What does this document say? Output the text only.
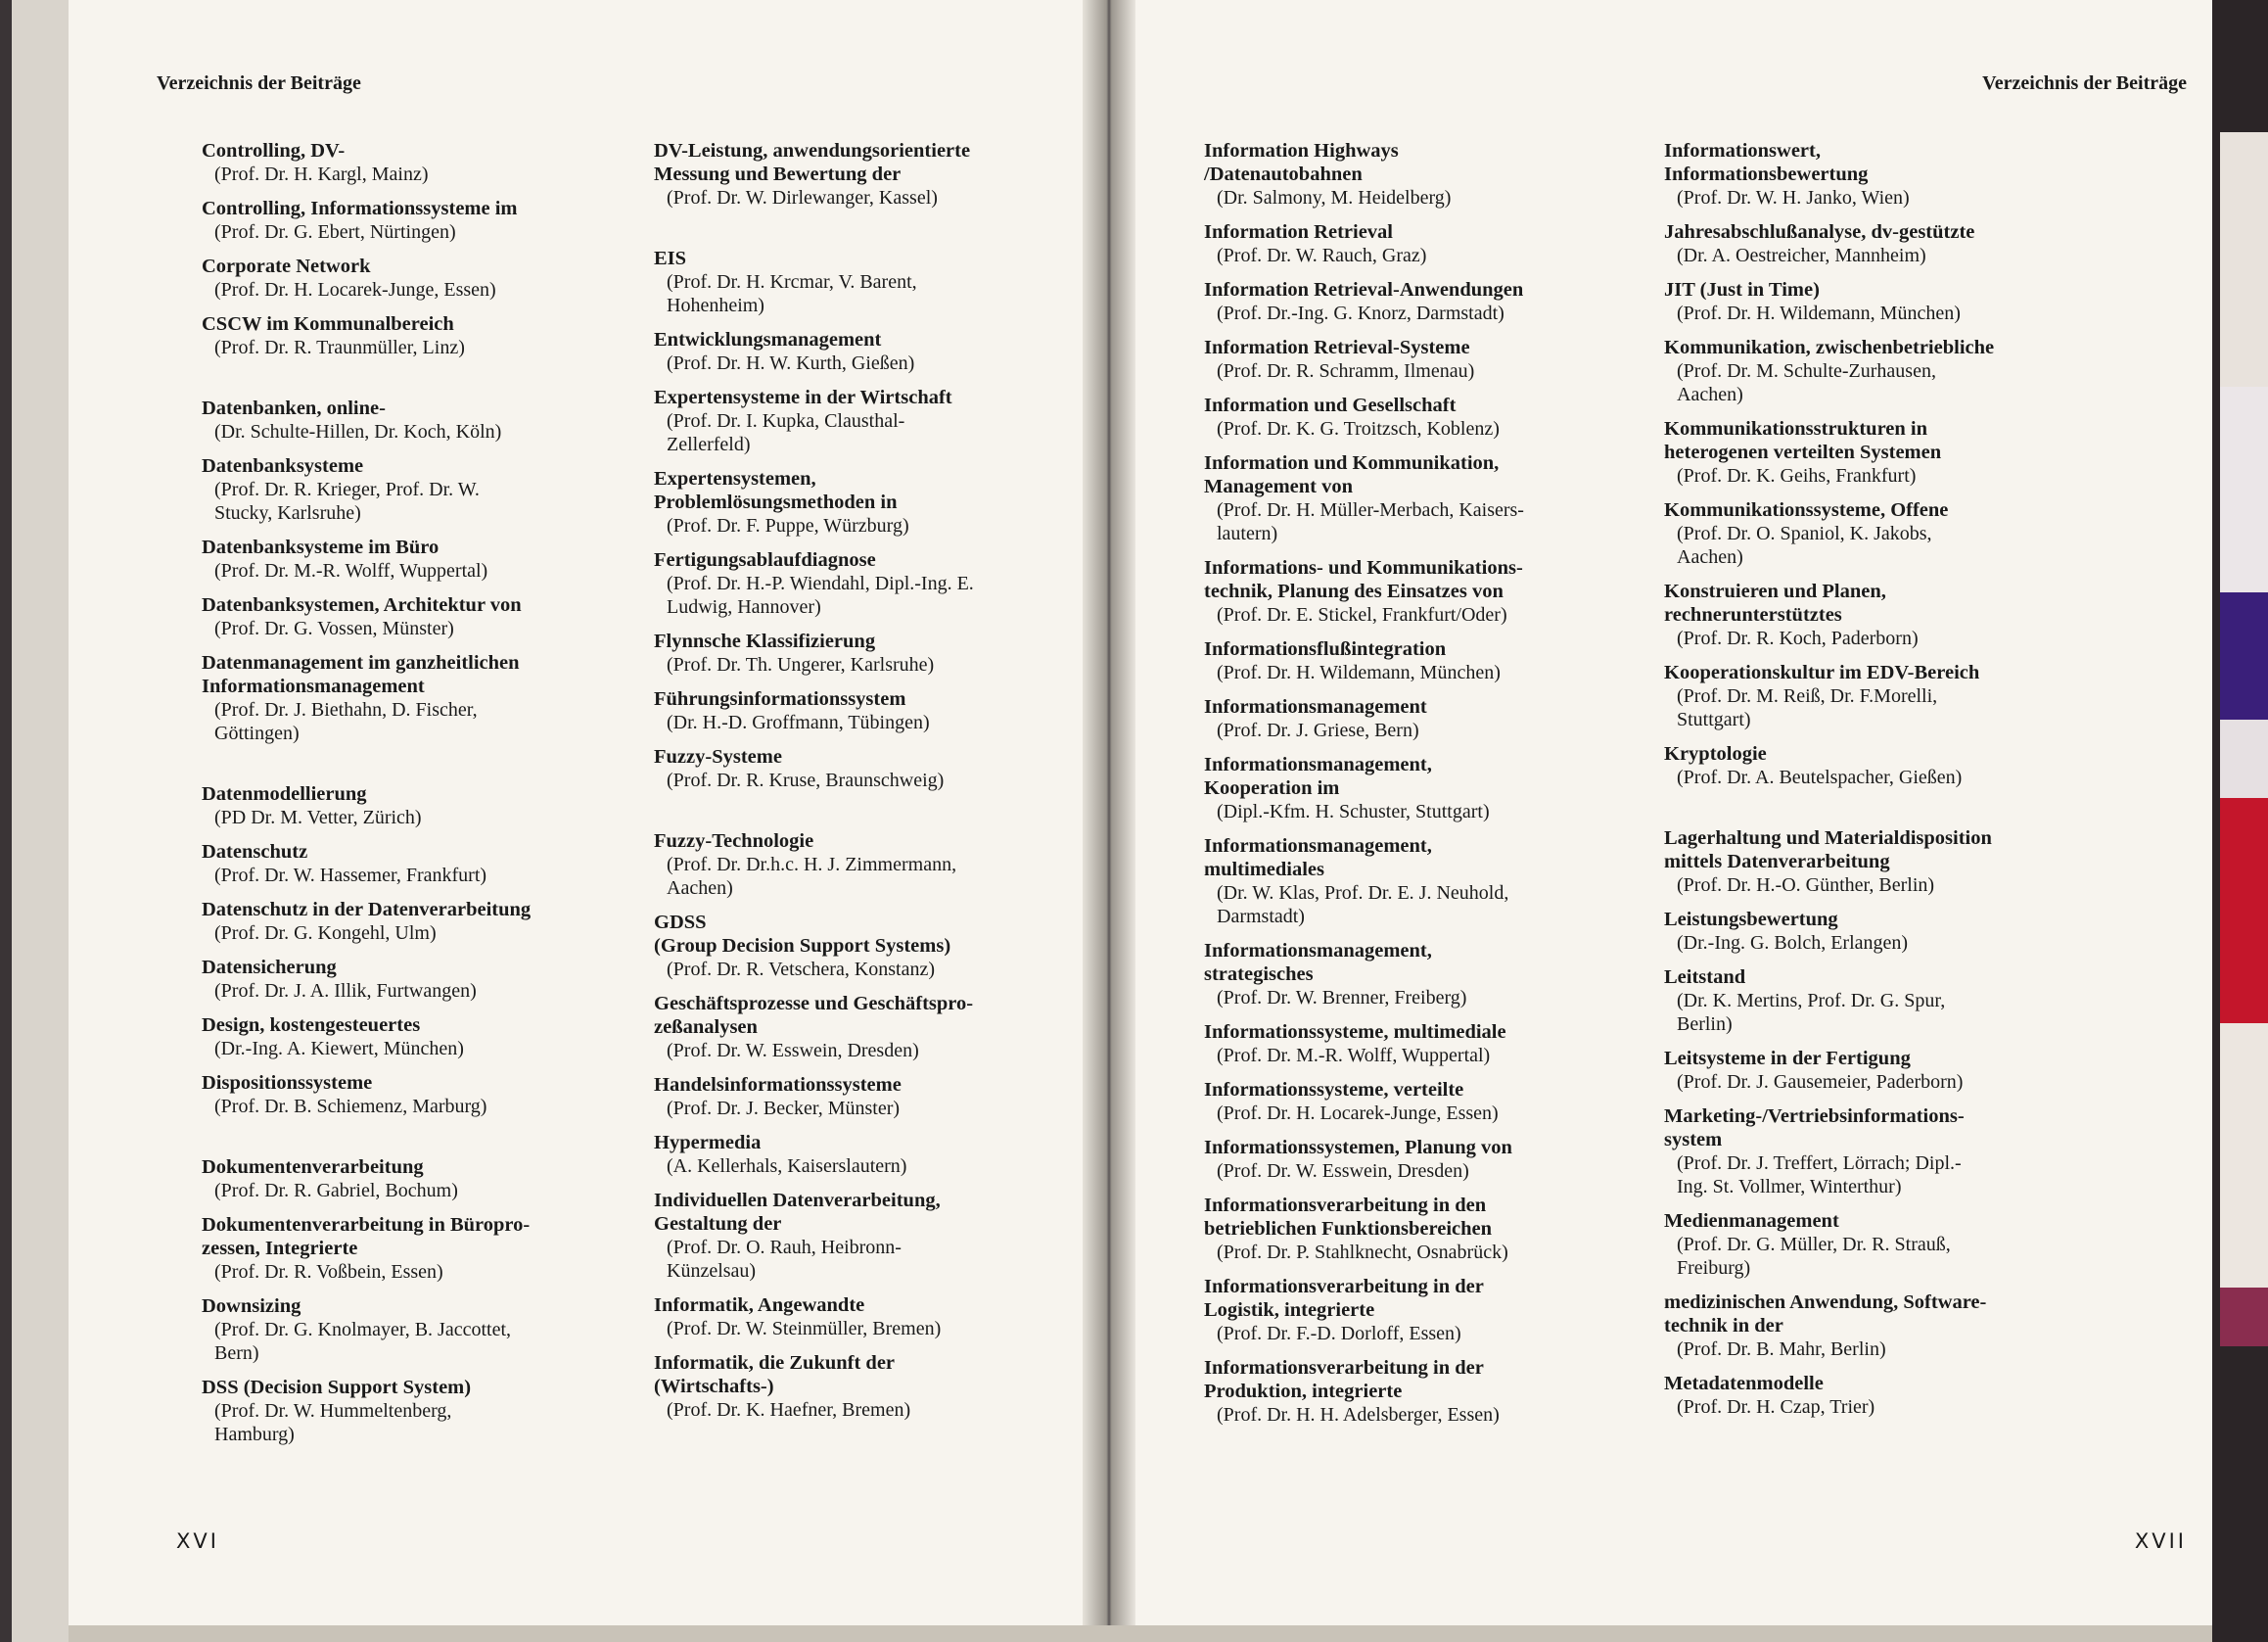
Verzeichnis der Beiträge
Controlling, DV-
(Prof. Dr. H. Kargl, Mainz)
Controlling, Informationssysteme im
(Prof. Dr. G. Ebert, Nürtingen)
Corporate Network
(Prof. Dr. H. Locarek-Junge, Essen)
CSCW im Kommunalbereich
(Prof. Dr. R. Traunmüller, Linz)
Datenbanken, online-
(Dr. Schulte-Hillen, Dr. Koch, Köln)
Datenbanksysteme
(Prof. Dr. R. Krieger, Prof. Dr. W.
Stucky, Karlsruhe)
Datenbanksysteme im Büro
(Prof. Dr. M.-R. Wolff, Wuppertal)
Datenbanksystemen, Architektur von
(Prof. Dr. G. Vossen, Münster)
Datenmanagement im ganzheitlichen
Informationsmanagement
(Prof. Dr. J. Biethahn, D. Fischer,
Göttingen)
Datenmodellierung
(PD Dr. M. Vetter, Zürich)
Datenschutz
(Prof. Dr. W. Hassemer, Frankfurt)
Datenschutz in der Datenverarbeitung
(Prof. Dr. G. Kongehl, Ulm)
Datensicherung
(Prof. Dr. J. A. Illik, Furtwangen)
Design, kostengesteuertes
(Dr.-Ing. A. Kiewert, München)
Dispositionssysteme
(Prof. Dr. B. Schiemenz, Marburg)
Dokumentenverarbeitung
(Prof. Dr. R. Gabriel, Bochum)
Dokumentenverarbeitung in Büropro-
zessen, Integrierte
(Prof. Dr. R. Voßbein, Essen)
Downsizing
(Prof. Dr. G. Knolmayer, B. Jaccottet,
Bern)
DSS (Decision Support System)
(Prof. Dr. W. Hummeltenberg,
Hamburg)
DV-Leistung, anwendungsorientierte
Messung und Bewertung der
(Prof. Dr. W. Dirlewanger, Kassel)
EIS
(Prof. Dr. H. Krcmar, V. Barent,
Hohenheim)
Entwicklungsmanagement
(Prof. Dr. H. W. Kurth, Gießen)
Expertensysteme in der Wirtschaft
(Prof. Dr. I. Kupka, Clausthal-
Zellerfeld)
Expertensystemen,
Problemlösungsmethoden in
(Prof. Dr. F. Puppe, Würzburg)
Fertigungsablaufdiagnose
(Prof. Dr. H.-P. Wiendahl, Dipl.-Ing. E.
Ludwig, Hannover)
Flynnsche Klassifizierung
(Prof. Dr. Th. Ungerer, Karlsruhe)
Führungsinformationssystem
(Dr. H.-D. Groffmann, Tübingen)
Fuzzy-Systeme
(Prof. Dr. R. Kruse, Braunschweig)
Fuzzy-Technologie
(Prof. Dr. Dr.h.c. H. J. Zimmermann,
Aachen)
GDSS
(Group Decision Support Systems)
(Prof. Dr. R. Vetschera, Konstanz)
Geschäftsprozesse und Geschäftspro-
zeßanalysen
(Prof. Dr. W. Esswein, Dresden)
Handelsinformationssysteme
(Prof. Dr. J. Becker, Münster)
Hypermedia
(A. Kellerhals, Kaiserslautern)
Individuellen Datenverarbeitung,
Gestaltung der
(Prof. Dr. O. Rauh, Heibronn-
Künzelsau)
Informatik, Angewandte
(Prof. Dr. W. Steinmüller, Bremen)
Informatik, die Zukunft der
(Wirtschafts-)
(Prof. Dr. K. Haefner, Bremen)
XVI
Verzeichnis der Beiträge
Information Highways
/Datenautobahnen
(Dr. Salmony, M. Heidelberg)
Information Retrieval
(Prof. Dr. W. Rauch, Graz)
Information Retrieval-Anwendungen
(Prof. Dr.-Ing. G. Knorz, Darmstadt)
Information Retrieval-Systeme
(Prof. Dr. R. Schramm, Ilmenau)
Information und Gesellschaft
(Prof. Dr. K. G. Troitzsch, Koblenz)
Information und Kommunikation,
Management von
(Prof. Dr. H. Müller-Merbach, Kaisers-
lautern)
Informations- und Kommunikations-
technik, Planung des Einsatzes von
(Prof. Dr. E. Stickel, Frankfurt/Oder)
Informationsflußintegration
(Prof. Dr. H. Wildemann, München)
Informationsmanagement
(Prof. Dr. J. Griese, Bern)
Informationsmanagement,
Kooperation im
(Dipl.-Kfm. H. Schuster, Stuttgart)
Informationsmanagement,
multimediales
(Dr. W. Klas, Prof. Dr. E. J. Neuhold,
Darmstadt)
Informationsmanagement,
strategisches
(Prof. Dr. W. Brenner, Freiberg)
Informationssysteme, multimediale
(Prof. Dr. M.-R. Wolff, Wuppertal)
Informationssysteme, verteilte
(Prof. Dr. H. Locarek-Junge, Essen)
Informationssystemen, Planung von
(Prof. Dr. W. Esswein, Dresden)
Informationsverarbeitung in den
betrieblichen Funktionsbereichen
(Prof. Dr. P. Stahlknecht, Osnabrück)
Informationsverarbeitung in der
Logistik, integrierte
(Prof. Dr. F.-D. Dorloff, Essen)
Informationsverarbeitung in der
Produktion, integrierte
(Prof. Dr. H. H. Adelsberger, Essen)
Informationswert,
Informationsbewertung
(Prof. Dr. W. H. Janko, Wien)
Jahresabschlußanalyse, dv-gestützte
(Dr. A. Oestreicher, Mannheim)
JIT (Just in Time)
(Prof. Dr. H. Wildemann, München)
Kommunikation, zwischenbetriebliche
(Prof. Dr. M. Schulte-Zurhausen,
Aachen)
Kommunikationsstrukturen in
heterogenen verteilten Systemen
(Prof. Dr. K. Geihs, Frankfurt)
Kommunikationssysteme, Offene
(Prof. Dr. O. Spaniol, K. Jakobs,
Aachen)
Konstruieren und Planen,
rechnerunterstütztes
(Prof. Dr. R. Koch, Paderborn)
Kooperationskultur im EDV-Bereich
(Prof. Dr. M. Reiß, Dr. F.Morelli,
Stuttgart)
Kryptologie
(Prof. Dr. A. Beutelspacher, Gießen)
Lagerhaltung und Materialdisposition
mittels Datenverarbeitung
(Prof. Dr. H.-O. Günther, Berlin)
Leistungsbewertung
(Dr.-Ing. G. Bolch, Erlangen)
Leitstand
(Dr. K. Mertins, Prof. Dr. G. Spur,
Berlin)
Leitsysteme in der Fertigung
(Prof. Dr. J. Gausemeier, Paderborn)
Marketing-/Vertriebsinformations-
system
(Prof. Dr. J. Treffert, Lörrach; Dipl.-
Ing. St. Vollmer, Winterthur)
Medienmanagement
(Prof. Dr. G. Müller, Dr. R. Strauß,
Freiburg)
medizinischen Anwendung, Software-
technik in der
(Prof. Dr. B. Mahr, Berlin)
Metadatenmodelle
(Prof. Dr. H. Czap, Trier)
XVII
